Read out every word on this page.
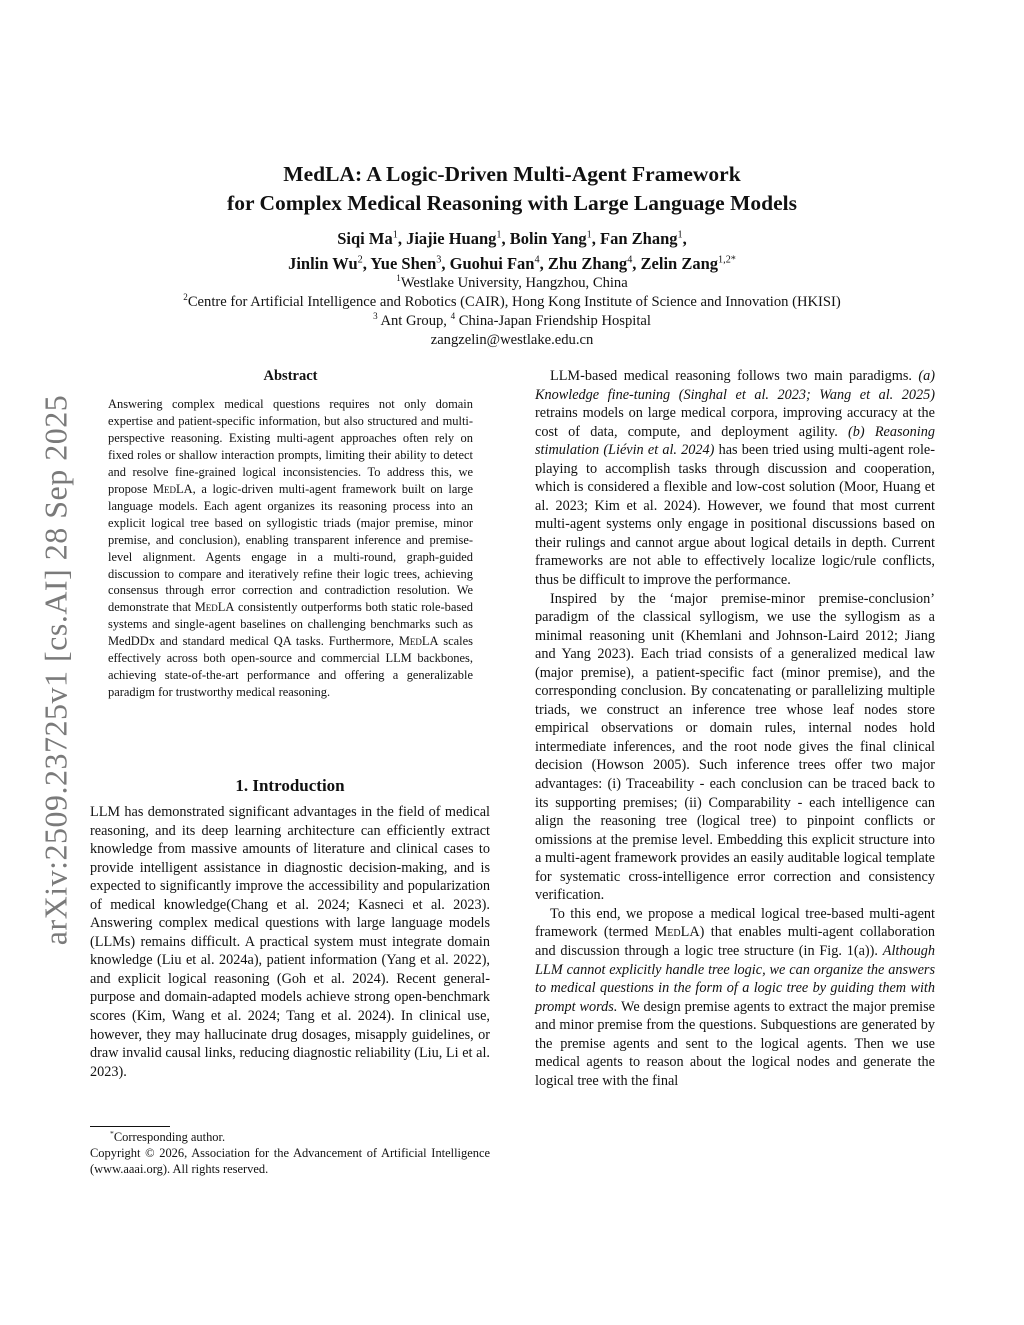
arXiv:2509.23725v1 [cs.AI] 28 Sep 2025
MedLA: A Logic-Driven Multi-Agent Framework
for Complex Medical Reasoning with Large Language Models
Siqi Ma$^1$, Jiajie Huang$^1$, Bolin Yang$^1$, Fan Zhang$^1$,
Jinlin Wu$^2$, Yue Shen$^3$, Guohui Fan$^4$, Zhu Zhang$^4$, Zelin Zang$^{1,2*}$
$^1$Westlake University, Hangzhou, China
$^2$Centre for Artificial Intelligence and Robotics (CAIR), Hong Kong Institute of Science and Innovation (HKISI)
$^3$ Ant Group, $^4$ China-Japan Friendship Hospital
zangzelin@westlake.edu.cn
Abstract
Answering complex medical questions requires not only domain expertise and patient-specific information, but also structured and multi-perspective reasoning. Existing multi-agent approaches often rely on fixed roles or shallow interaction prompts, limiting their ability to detect and resolve fine-grained logical inconsistencies. To address this, we propose MedLA, a logic-driven multi-agent framework built on large language models. Each agent organizes its reasoning process into an explicit logical tree based on syllogistic triads (major premise, minor premise, and conclusion), enabling transparent inference and premise-level alignment. Agents engage in a multi-round, graph-guided discussion to compare and iteratively refine their logic trees, achieving consensus through error correction and contradiction resolution. We demonstrate that MedLA consistently outperforms both static role-based systems and single-agent baselines on challenging benchmarks such as MedDDx and standard medical QA tasks. Furthermore, MedLA scales effectively across both open-source and commercial LLM backbones, achieving state-of-the-art performance and offering a generalizable paradigm for trustworthy medical reasoning.
1. Introduction

LLM has demonstrated significant advantages in the field of medical reasoning, and its deep learning architecture can efficiently extract knowledge from massive amounts of literature and clinical cases to provide intelligent assistance in diagnostic decision-making, and is expected to significantly improve the accessibility and popularization of medical knowledge(Chang et al. 2024; Kasneci et al. 2023). Answering complex medical questions with large language models (LLMs) remains difficult. A practical system must integrate domain knowledge (Liu et al. 2024a), patient information (Yang et al. 2022), and explicit logical reasoning (Goh et al. 2024). Recent general-purpose and domain-adapted models achieve strong open-benchmark scores (Kim, Wang et al. 2024; Tang et al. 2024). In clinical use, however, they may hallucinate drug dosages, misapply guidelines, or draw invalid causal links, reducing diagnostic reliability (Liu, Li et al. 2023).

*Corresponding author.

Copyright © 2026, Association for the Advancement of Artificial Intelligence (www.aaai.org). All rights reserved.

LLM-based medical reasoning follows two main paradigms. (a) Knowledge fine-tuning (Singhal et al. 2023; Wang et al. 2025) retrains models on large medical corpora, improving accuracy at the cost of data, compute, and deployment agility. (b) Reasoning stimulation (Liévin et al. 2024) has been tried using multi-agent role-playing to accomplish tasks through discussion and cooperation, which is considered a flexible and low-cost solution (Moor, Huang et al. 2023; Kim et al. 2024). However, we found that most current multi-agent systems only engage in positional discussions based on their rulings and cannot argue about logical details in depth. Current frameworks are not able to effectively localize logic/rule conflicts, thus be difficult to improve the performance.

Inspired by the ‘major premise-minor premise-conclusion’ paradigm of the classical syllogism, we use the syllogism as a minimal reasoning unit (Khemlani and Johnson-Laird 2012; Jiang and Yang 2023). Each triad consists of a generalized medical law (major premise), a patient-specific fact (minor premise), and the corresponding conclusion. By concatenating or parallelizing multiple triads, we construct an inference tree whose leaf nodes store empirical observations or domain rules, internal nodes hold intermediate inferences, and the root node gives the final clinical decision (Howson 2005). Such inference trees offer two major advantages: (i) Traceability - each conclusion can be traced back to its supporting premises; (ii) Comparability - each intelligence can align the reasoning tree (logical tree) to pinpoint conflicts or omissions at the premise level. Embedding this explicit structure into a multi-agent framework provides an easily auditable logical template for systematic cross-intelligence error correction and consistency verification.

To this end, we propose a medical logical tree-based multi-agent framework (termed MedLA) that enables multi-agent collaboration and discussion through a logic tree structure (in Fig. 1(a)). Although LLM cannot explicitly handle tree logic, we can organize the answers to medical questions in the form of a logic tree by guiding them with prompt words. We design premise agents to extract the major premise and minor premise from the questions. Subquestions are generated by the premise agents and sent to the logical agents. Then we use medical agents to reason about the logical nodes and generate the logical tree with the final
